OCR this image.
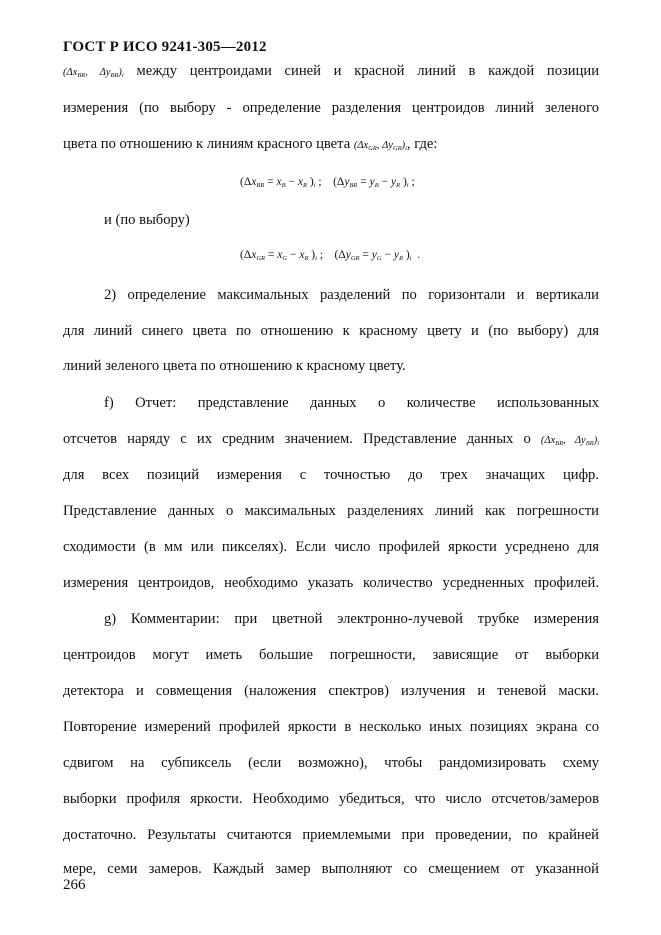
ГОСТ Р ИСО 9241-305—2012
($\Delta x_{BR}$, $\Delta y_{BR})_i$ между центроидами синей и красной линий в каждой позиции
измерения (по выбору - определение разделения центроидов линий зеленого
цвета по отношению к линиям красного цвета ($\Delta x_{GR}$, $\Delta y_{GR})_i$, где:
($\Delta x_{BR} = x_B - x_R$ )$_i$ ;    ($\Delta y_{BR} = y_B - y_R$ )$_i$ ;
и (по выбору)
($\Delta x_{GR} = x_G - x_R$ )$_i$ ;    ($\Delta y_{GR} = y_G - y_R$ )$_i$  .
2) определение максимальных разделений по горизонтали и вертикали
для линий синего цвета по отношению к красному цвету и (по выбору) для
линий зеленого цвета по отношению к красному цвету.
f) Отчет: представление данных о количестве использованных
отсчетов наряду с их средним значением. Представление данных о ($\Delta x_{BR}$, $\Delta y_{BR})_i$
для всех позиций измерения с точностью до трех значащих цифр.
Представление данных о максимальных разделениях линий как погрешности
сходимости (в мм или пикселях). Если число профилей яркости усреднено для
измерения центроидов, необходимо указать количество усредненных профилей.
g) Комментарии: при цветной электронно-лучевой трубке измерения
центроидов могут иметь большие погрешности, зависящие от выборки
детектора и совмещения (наложения спектров) излучения и теневой маски.
Повторение измерений профилей яркости в несколько иных позициях экрана со
сдвигом на субпиксель (если возможно), чтобы рандомизировать схему
выборки профиля яркости. Необходимо убедиться, что число отсчетов/замеров
достаточно. Результаты считаются приемлемыми при проведении, по крайней
мере, семи замеров. Каждый замер выполняют со смещением от указанной
266
